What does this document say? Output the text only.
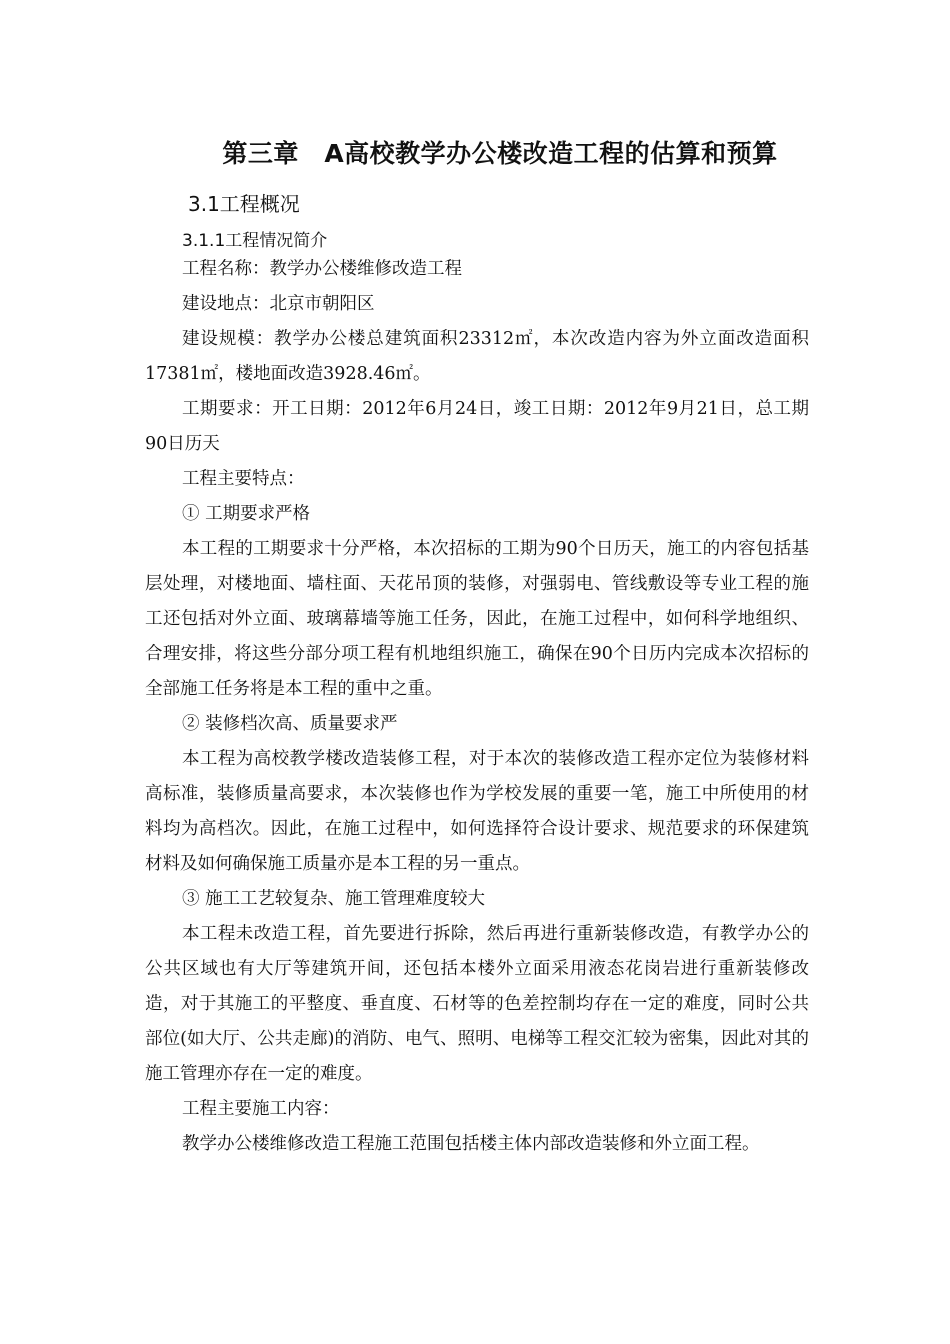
第三章　A高校教学办公楼改造工程的估算和预算
3.1工程概况
3.1.1工程情况简介

工程名称：教学办公楼维修改造工程

建设地点：北京市朝阳区

建设规模：教学办公楼总建筑面积23312㎡，本次改造内容为外立面改造面积17381㎡，楼地面改造3928.46㎡。

工期要求：开工日期：2012年6月24日，竣工日期：2012年9月21日，总工期90日历天

工程主要特点：

① 工期要求严格

本工程的工期要求十分严格，本次招标的工期为90个日历天，施工的内容包括基层处理，对楼地面、墙柱面、天花吊顶的装修，对强弱电、管线敷设等专业工程的施工还包括对外立面、玻璃幕墙等施工任务，因此，在施工过程中，如何科学地组织、合理安排，将这些分部分项工程有机地组织施工，确保在90个日历内完成本次招标的全部施工任务将是本工程的重中之重。

② 装修档次高、质量要求严

本工程为高校教学楼改造装修工程，对于本次的装修改造工程亦定位为装修材料高标准，装修质量高要求，本次装修也作为学校发展的重要一笔，施工中所使用的材料均为高档次。因此，在施工过程中，如何选择符合设计要求、规范要求的环保建筑材料及如何确保施工质量亦是本工程的另一重点。

③ 施工工艺较复杂、施工管理难度较大

本工程未改造工程，首先要进行拆除，然后再进行重新装修改造，有教学办公的公共区域也有大厅等建筑开间，还包括本楼外立面采用液态花岗岩进行重新装修改造，对于其施工的平整度、垂直度、石材等的色差控制均存在一定的难度，同时公共部位(如大厅、公共走廊)的消防、电气、照明、电梯等工程交汇较为密集，因此对其的施工管理亦存在一定的难度。

工程主要施工内容：

教学办公楼维修改造工程施工范围包括楼主体内部改造装修和外立面工程。
